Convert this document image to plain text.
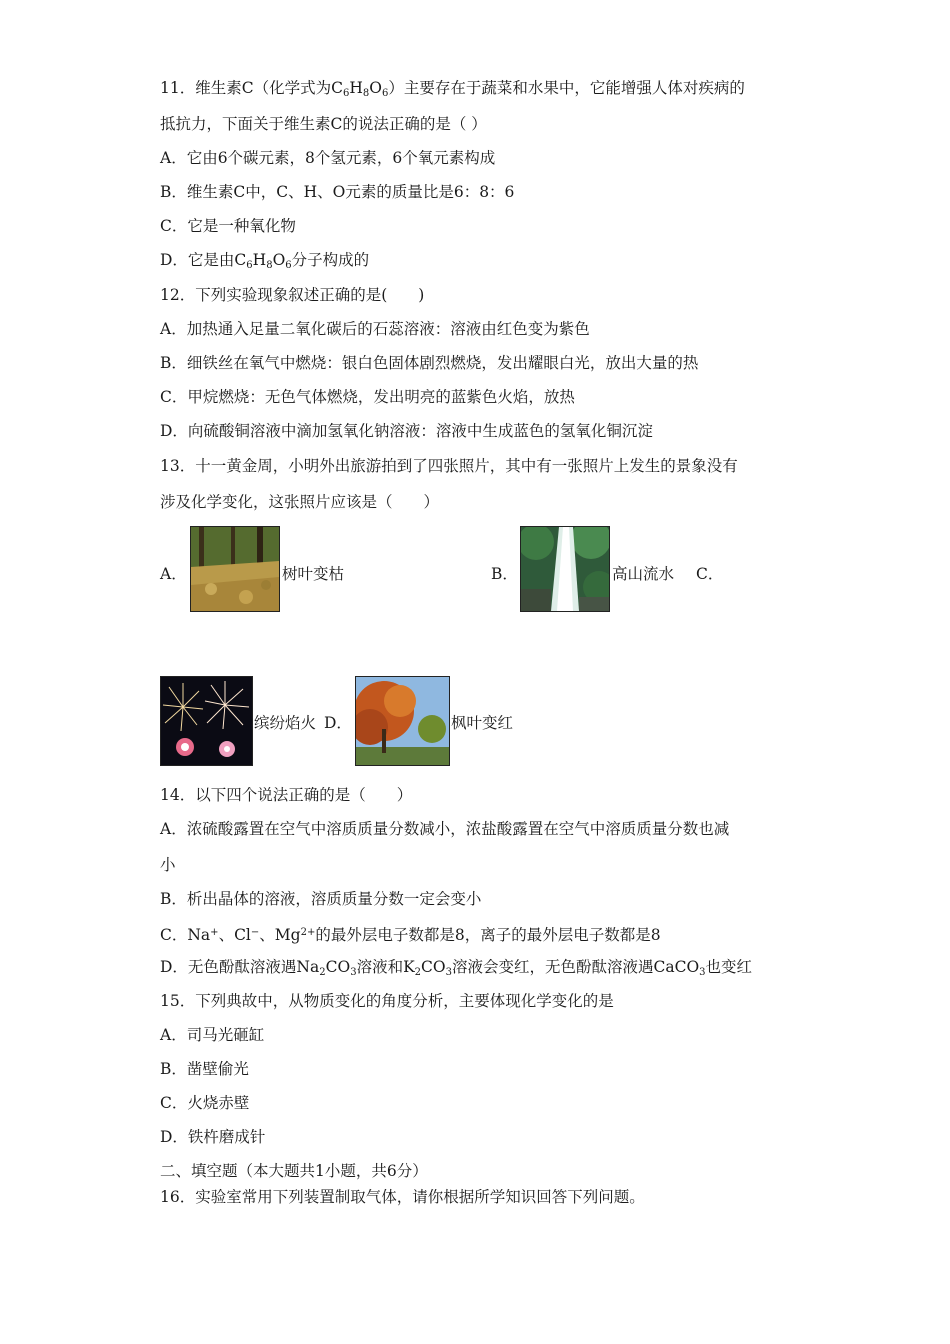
11．维生素C（化学式为$C_6H_8O_6$）主要存在于蔬菜和水果中，它能增强人体对疾病的
抵抗力，下面关于维生素C的说法正确的是（ ）
A．它由6个碳元素，8个氢元素，6个氧元素构成
B．维生素C中，C、H、O元素的质量比是6：8：6
C．它是一种氧化物
D．它是由$C_6H_8O_6$分子构成的
12．下列实验现象叙述正确的是(　　)
A．加热通入足量二氧化碳后的石蕊溶液：溶液由红色变为紫色
B．细铁丝在氧气中燃烧：银白色固体剧烈燃烧，发出耀眼白光，放出大量的热
C．甲烷燃烧：无色气体燃烧，发出明亮的蓝紫色火焰，放热
D．向硫酸铜溶液中滴加氢氧化钠溶液：溶液中生成蓝色的氢氧化铜沉淀
13．十一黄金周，小明外出旅游拍到了四张照片，其中有一张照片上发生的景象没有
涉及化学变化，这张照片应该是（　　）
A．	树叶变枯	B．	高山流水 C．
缤纷焰火 D．	枫叶变红
14．以下四个说法正确的是（　　）
A．浓硫酸露置在空气中溶质质量分数减小，浓盐酸露置在空气中溶质质量分数也减
小
B．析出晶体的溶液，溶质质量分数一定会变小
C．Na+、Cl−、$Mg^{2+}$的最外层电子数都是8，离子的最外层电子数都是8
D．无色酚酞溶液遇$Na_2CO_3$溶液和$K_2CO_3$溶液会变红，无色酚酞溶液遇CaCO$_3$也变红
15．下列典故中，从物质变化的角度分析，主要体现化学变化的是
A．司马光砸缸
B．凿壁偷光
C．火烧赤壁
D．铁杵磨成针
二、填空题（本大题共1小题，共6分）
16．实验室常用下列装置制取气体，请你根据所学知识回答下列问题。
